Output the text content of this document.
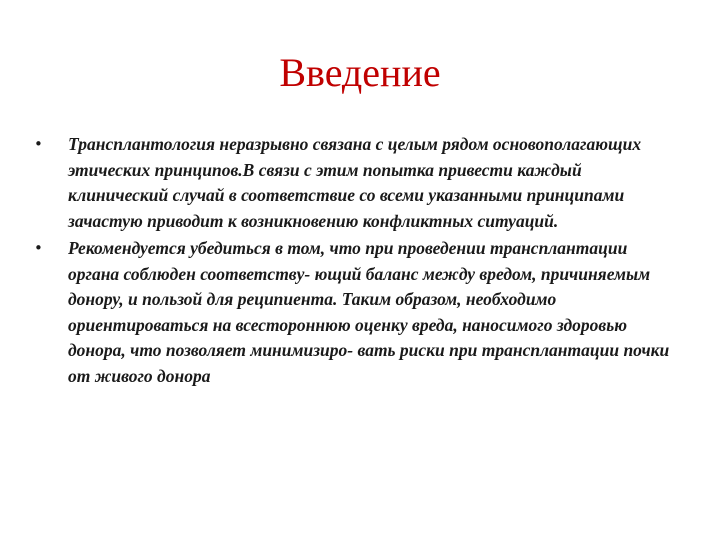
Введение
• Трансплантология неразрывно связана с целым рядом основополагающих этических принципов.В связи с этим попытка привести каждый клинический случай в соответствие со всеми указанными принципами зачастую приводит к возникновению конфликтных ситуаций.
• Рекомендуется убедиться в том, что при проведении трансплантации органа соблюден соответству- ющий баланс между вредом, причиняемым донору, и пользой для реципиента. Таким образом, необходимо ориентироваться на всестороннюю оценку вреда, наносимого здоровью донора, что позволяет минимизиро- вать риски при трансплантации почки от живого донора
